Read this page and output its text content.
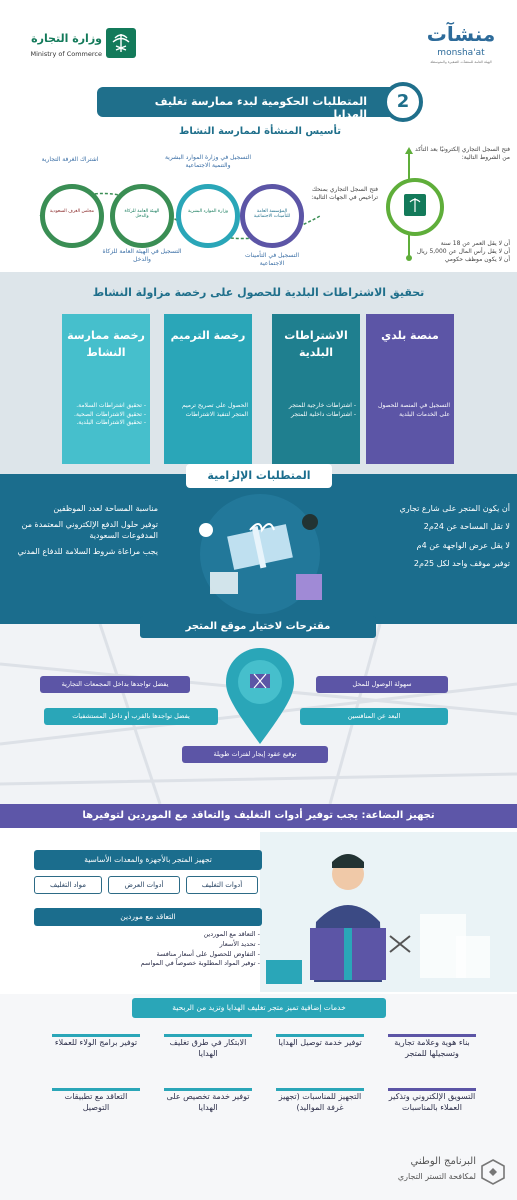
وزارة التجارة
Ministry of Commerce
منشآت
monsha'at
الهيئة العامة للمنشآت الصغيرة والمتوسطة
المتطلبات الحكومية لبدء ممارسة تغليف الهدايا
2
تأسيس المنشأة لممارسة النشاط
فتح السجل التجاري إلكترونيًا بعد التأكد من الشروط التالية:
أن لا يقل العمر عن 18 سنة
أن لا يقل رأس المال عن 5,000 ريال
أن لا يكون موظف حكومي
فتح السجل التجاري بمنحك تراخيص في الجهات التالية:
المؤسسة العامة للتأمينات الاجتماعية
التسجيل في التأمينات الاجتماعية
وزارة الموارد البشرية
التسجيل في وزارة الموارد البشرية والتنمية الاجتماعية
الهيئة العامة للزكاة والدخل
التسجيل في الهيئة العامة للزكاة والدخل
مجلس الغرف السعودية
اشتراك الغرفة التجارية
تحقيق الاشتراطات البلدية للحصول على رخصة مزاولة النشاط
منصة بلدي
التسجيل في المنصة للحصول على الخدمات البلدية
الاشتراطات البلدية
- اشتراطات خارجية للمتجر
- اشتراطات داخلية للمتجر
رخصة الترميم
الحصول على تصريح ترميم المتجر لتنفيذ الاشتراطات
رخصة ممارسة النشاط
- تحقيق اشتراطات السلامة.
- تحقيق الاشتراطات الصحية.
- تحقيق الاشتراطات البلدية.
المتطلبات الإلزامية
أن يكون المتجر على شارع تجاري
لا تقل المساحة عن 24م2
لا يقل عرض الواجهة عن 4م
توفير موقف واحد لكل 25م2
مناسبة المساحة لعدد الموظفين
توفير حلول الدفع الإلكتروني المعتمدة من المدفوعات السعودية
يجب مراعاة شروط السلامة للدفاع المدني
مقترحات لاختيار موقع المتجر
يفضل تواجدها بداخل المجمعات التجارية	سهولة الوصول للمحل
يفضل تواجدها بالقرب أو داخل المستشفيات	البعد عن المنافسين
توقيع عقود إيجار لفترات طويلة
تجهيز البضاعة: يجب توفير أدوات التغليف والتعاقد مع الموردين لتوفيرها
تجهيز المتجر بالأجهزة والمعدات الأساسية
أدوات التغليف
أدوات العرض
مواد التغليف
التعاقد مع موردين
- التعاقد مع الموردين
- تحديد الأسعار
- التفاوض للحصول على أسعار منافسة
- توفير المواد المطلوبة خصوصاً في المواسم
خدمات إضافية تميز متجر تغليف الهدايا وتزيد من الربحية
بناء هوية وعلامة تجارية وتسجيلها للمتجر
توفير خدمة توصيل الهدايا
الابتكار في طرق تغليف الهدايا
توفير برامج الولاء للعملاء
التسويق الإلكتروني وتذكير العملاء بالمناسبات
التجهيز للمناسبات (تجهيز غرفة المواليد)
توفير خدمة تخصيص على الهدايا
التعاقد مع تطبيقات التوصيل
البرنامج الوطني
لمكافحة التستر التجاري
